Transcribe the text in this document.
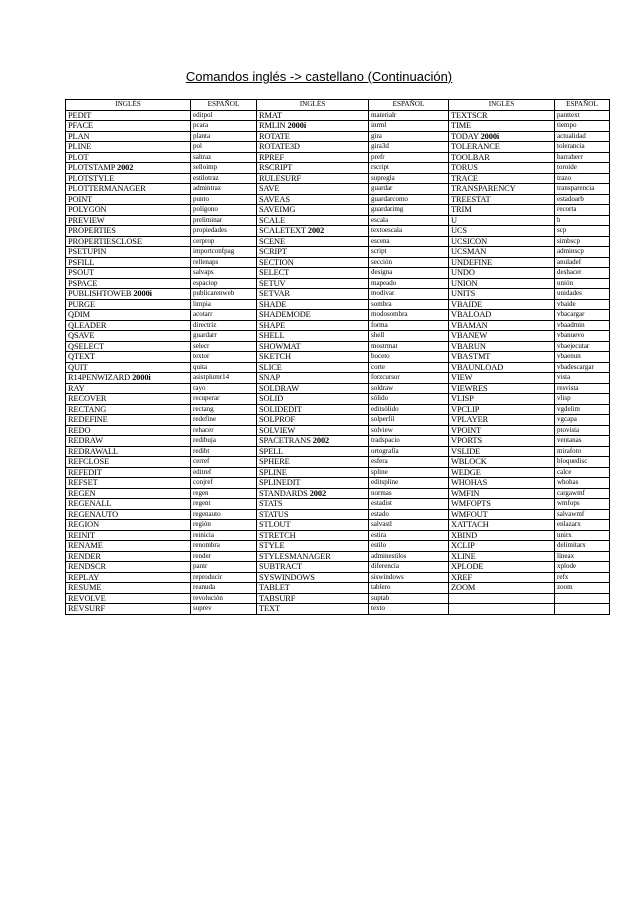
Comandos inglés -> castellano (Continuación)
INGLÉS	ESPAÑOL	INGLÉS	ESPAÑOL	INGLÉS	ESPAÑOL
PEDIT	editpol	RMAT	materialr	TEXTSCR	panttext
PFACE	pcara	RMLIN 2000i	inrml	TIME	tiempo
PLAN	planta	ROTATE	gira	TODAY 2000i	actualidad
PLINE	pol	ROTATE3D	gira3d	TOLERANCE	tolerancia
PLOT	saltraz	RPREF	prefr	TOOLBAR	barraherr
PLOTSTAMP 2002	selloimp	RSCRIPT	rscript	TORUS	toroide
PLOTSTYLE	estilotraz	RULESURF	supregla	TRACE	trazo
PLOTTERMANAGER	admintraz	SAVE	guardar	TRANSPARENCY	transparencia
POINT	punto	SAVEAS	guardarcomo	TREESTAT	estadoarb
POLYGON	polígono	SAVEIMG	guardarimg	TRIM	recorta
PREVIEW	preliminar	SCALE	escala	U	h
PROPERTIES	propiedades	SCALETEXT 2002	textoescala	UCS	scp
PROPERTIESCLOSE	cerprop	SCENE	escena	UCSICON	simbscp
PSETUPIN	importconfpag	SCRIPT	script	UCSMAN	adminscp
PSFILL	rellenaps	SECTION	sección	UNDEFINE	anuladef
PSOUT	salvaps	SELECT	designa	UNDO	deshacer
PSPACE	espaciop	SETUV	mapeado	UNION	unión
PUBLISHTOWEB 2000i	publicarenweb	SETVAR	modivar	UNITS	unidades
PURGE	limpia	SHADE	sombra	VBAIDE	vbaide
QDIM	acotarr	SHADEMODE	modosombra	VBALOAD	vbacargar
QLEADER	directriz	SHAPE	forma	VBAMAN	vbaadmin
QSAVE	guardarr	SHELL	shell	VBANEW	vbanuevo
QSELECT	selecr	SHOWMAT	mostrmat	VBARUN	vbaejecutar
QTEXT	textor	SKETCH	boceto	VBASTMT	vbaenun
QUIT	quita	SLICE	corte	VBAUNLOAD	vbadescargar
R14PENWIZARD 2000i	asistplumr14	SNAP	forzcursor	VIEW	vista
RAY	rayo	SOLDRAW	soldraw	VIEWRES	resvista
RECOVER	recuperar	SOLID	sólido	VLISP	vlisp
RECTANG	rectang	SOLIDEDIT	editsólido	VPCLIP	vgdelim
REDEFINE	redefine	SOLPROF	solperfil	VPLAYER	vgcapa
REDO	rehacer	SOLVIEW	solview	VPOINT	ptovista
REDRAW	redibuja	SPACETRANS 2002	tradspacio	VPORTS	ventanas
REDRAWALL	redibt	SPELL	ortografía	VSLIDE	mirafoto
REFCLOSE	cerref	SPHERE	esfera	WBLOCK	bloquedisc
REFEDIT	editref	SPLINE	spline	WEDGE	calce
REFSET	conjref	SPLINEDIT	editspline	WHOHAS	whohas
REGEN	regen	STANDARDS 2002	normas	WMFIN	cargawmf
REGENALL	regent	STATS	estadist	WMFOPTS	wmfops
REGENAUTO	regenauto	STATUS	estado	WMFOUT	salvawmf
REGION	región	STLOUT	salvastl	XATTACH	enlazarx
REINIT	reinicia	STRETCH	estira	XBIND	unirx
RENAME	renombra	STYLE	estilo	XCLIP	delimitarx
RENDER	render	STYLESMANAGER	adminestilos	XLINE	líneax
RENDSCR	pantr	SUBTRACT	diferencia	XPLODE	xplode
REPLAY	reproducir	SYSWINDOWS	siswindows	XREF	refx
RESUME	reanuda	TABLET	tablero	ZOOM	zoom
REVOLVE	revolución	TABSURF	suptab		
REVSURF	suprev	TEXT	texto		
